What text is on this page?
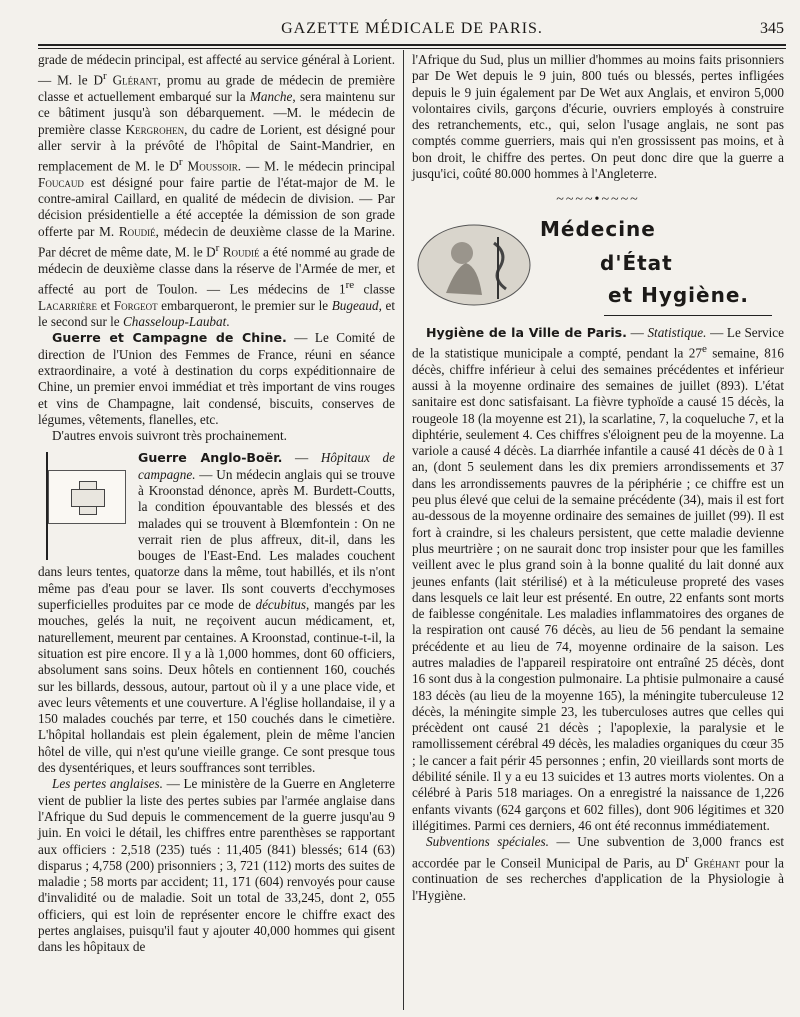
GAZETTE MÉDICALE DE PARIS.	345

grade de médecin principal, est affecté au service général à Lorient. — M. le $D^r$ Glérant, promu au grade de médecin de première classe et actuellement embarqué sur la Manche, sera maintenu sur ce bâtiment jusqu'à son débarquement. —M. le médecin de première classe Kergrohen, du cadre de Lorient, est désigné pour aller servir à la prévôté de l'hôpital de Saint-Mandrier, en remplacement de M. le $D^r$ Moussoir. — M. le médecin principal Foucaud est désigné pour faire partie de l'état-major de M. le contre-amiral Caillard, en qualité de médecin de division. — Par décision présidentielle a été acceptée la démission de son grade offerte par M. Roudié, médecin de deuxième classe de la Marine. Par décret de même date, M. le $D^r$ Roudié a été nommé au grade de médecin de deuxième classe dans la réserve de l'Armée de mer, et affecté au port de Toulon. — Les médecins de 1re classe Lacarrière et Forgeot embarqueront, le premier sur le Bugeaud, et le second sur le Chasseloup-Laubat.

Guerre et Campagne de Chine. — Le Comité de direction de l'Union des Femmes de France, réuni en séance extraordinaire, a voté à destination du corps expéditionnaire de Chine, un premier envoi immédiat et très important de vins rouges et vins de Champagne, lait condensé, biscuits, conserves de légumes, vêtements, flanelles, etc.

D'autres envois suivront très prochainement.

Guerre Anglo-Boër. — Hôpitaux de campagne. — Un médecin anglais qui se trouve à Kroonstad dénonce, après M. Burdett-Coutts, la condition épouvantable des blessés et des malades qui se trouvent à Blœmfontein : On ne verrait rien de plus affreux, dit-il, dans les bouges de l'East-End. Les malades couchent dans leurs tentes, quatorze dans la même, tout habillés, et ils n'ont même pas d'eau pour se laver. Ils sont couverts d'ecchymoses superficielles produites par ce mode de décubitus, mangés par les mouches, gelés la nuit, ne reçoivent aucun médicament, et, naturellement, meurent par centaines. A Kroonstad, continue-t-il, la situation est pire encore. Il y a là 1,000 hommes, dont 60 officiers, absolument sans soins. Deux hôtels en contiennent 160, couchés sur les billards, dessous, autour, partout où il y a une place vide, et avec leurs vêtements et une couverture. A l'église hollandaise, il y a 150 malades couchés par terre, et 150 couchés dans le cimetière. L'hôpital hollandais est plein également, plein de même l'ancien hôtel de ville, qui n'est qu'une vieille grange. Ce sont presque tous des dysentériques, et leurs souffrances sont terribles.

Les pertes anglaises. — Le ministère de la Guerre en Angleterre vient de publier la liste des pertes subies par l'armée anglaise dans l'Afrique du Sud depuis le commencement de la guerre jusqu'au 9 juin. En voici le détail, les chiffres entre parenthèses se rapportant aux officiers : 2,518 (235) tués : 11,405 (841) blessés; 614 (63) disparus ; 4,758 (200) prisonniers ; 3, 721 (112) morts des suites de maladie ; 58 morts par accident; 11, 171 (604) renvoyés pour cause d'invalidité ou de maladie. Soit un total de 33,245, dont 2, 055 officiers, qui est loin de représenter encore le chiffre exact des pertes anglaises, puisqu'il faut y ajouter 40,000 hommes qui gisent dans les hôpitaux de

l'Afrique du Sud, plus un millier d'hommes au moins faits prisonniers par De Wet depuis le 9 juin, 800 tués ou blessés, pertes infligées depuis le 9 juin également par De Wet aux Anglais, et environ 5,000 volontaires civils, garçons d'écurie, ouvriers employés à construire des retranchements, etc., qui, selon l'usage anglais, ne sont pas comptés comme guerriers, mais qui n'en grossissent pas moins, et à bon droit, le chiffre des pertes. On peut donc dire que la guerre a jusqu'ici, coûté 80.000 hommes à l'Angleterre.

~~~~•~~~~
Médecine
d'État
et Hygiène.

Hygiène de la Ville de Paris. — Statistique. — Le Service de la statistique municipale a compté, pendant la 27e semaine, 816 décès, chiffre inférieur à celui des semaines précédentes et inférieur aussi à la moyenne ordinaire des semaines de juillet (893). L'état sanitaire est donc satisfaisant. La fièvre typhoïde a causé 15 décès, la rougeole 18 (la moyenne est 21), la scarlatine, 7, la coqueluche 7, et la diphtérie, seulement 4. Ces chiffres s'éloignent peu de la moyenne. La variole a causé 4 décès. La diarrhée infantile a causé 41 décès de 0 à 1 an, (dont 5 seulement dans les dix premiers arrondissements et 37 dans les arrondissements pauvres de la périphérie ; ce chiffre est un peu plus élevé que celui de la semaine précédente (34), mais il est fort au-dessous de la moyenne ordinaire des semaines de juillet (99). Il est fort à craindre, si les chaleurs persistent, que cette maladie devienne plus meurtrière ; on ne saurait donc trop insister pour que les familles veillent avec le plus grand soin à la bonne qualité du lait donné aux jeunes enfants (lait stérilisé) et à la méticuleuse propreté des vases dans lesquels ce lait leur est présenté. En outre, 22 enfants sont morts de faiblesse congénitale. Les maladies inflammatoires des organes de la respiration ont causé 76 décès, au lieu de 56 pendant la semaine précédente et au lieu de 74, moyenne ordinaire de la saison. Les autres maladies de l'appareil respiratoire ont entraîné 25 décès, dont 16 sont dus à la congestion pulmonaire. La phtisie pulmonaire a causé 183 décès (au lieu de la moyenne 165), la méningite tuberculeuse 12 décès, la méningite simple 23, les tuberculoses autres que celles qui précèdent ont causé 21 décès ; l'apoplexie, la paralysie et le ramollissement cérébral 49 décès, les maladies organiques du cœur 35 ; le cancer a fait périr 45 personnes ; enfin, 20 vieillards sont morts de débilité sénile. Il y a eu 13 suicides et 13 autres morts violentes. On a célébré à Paris 518 mariages. On a enregistré la naissance de 1,226 enfants vivants (624 garçons et 602 filles), dont 906 légitimes et 320 illégitimes. Parmi ces derniers, 46 ont été reconnus immédiatement.

Subventions spéciales. — Une subvention de 3,000 francs est accordée par le Conseil Municipal de Paris, au $D^r$ Gréhant pour la continuation de ses recherches d'application de la Physiologie à l'Hygiène.
